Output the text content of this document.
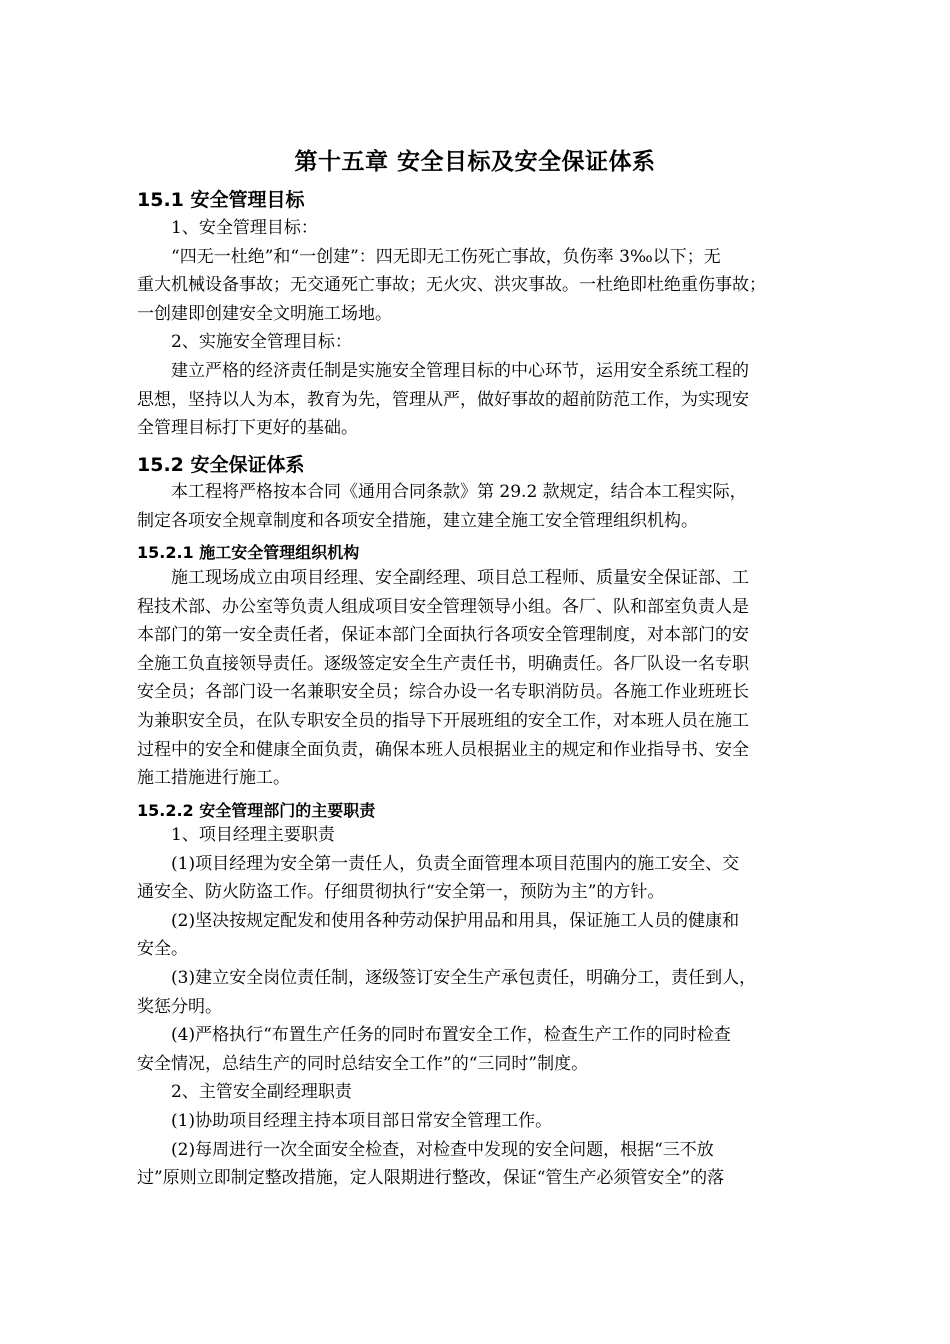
第十五章 安全目标及安全保证体系
15.1 安全管理目标
1、安全管理目标：
“四无一杜绝”和“一创建”：四无即无工伤死亡事故，负伤率 3‰以下；无
重大机械设备事故；无交通死亡事故；无火灾、洪灾事故。一杜绝即杜绝重伤事故；
一创建即创建安全文明施工场地。
2、实施安全管理目标：
建立严格的经济责任制是实施安全管理目标的中心环节，运用安全系统工程的
思想，坚持以人为本，教育为先，管理从严，做好事故的超前防范工作，为实现安
全管理目标打下更好的基础。
15.2 安全保证体系
本工程将严格按本合同《通用合同条款》第 29.2 款规定，结合本工程实际，
制定各项安全规章制度和各项安全措施，建立建全施工安全管理组织机构。
15.2.1 施工安全管理组织机构
施工现场成立由项目经理、安全副经理、项目总工程师、质量安全保证部、工
程技术部、办公室等负责人组成项目安全管理领导小组。各厂、队和部室负责人是
本部门的第一安全责任者，保证本部门全面执行各项安全管理制度，对本部门的安
全施工负直接领导责任。逐级签定安全生产责任书，明确责任。各厂队设一名专职
安全员；各部门设一名兼职安全员；综合办设一名专职消防员。各施工作业班班长
为兼职安全员，在队专职安全员的指导下开展班组的安全工作，对本班人员在施工
过程中的安全和健康全面负责，确保本班人员根据业主的规定和作业指导书、安全
施工措施进行施工。
15.2.2 安全管理部门的主要职责
1、项目经理主要职责
(1)项目经理为安全第一责任人，负责全面管理本项目范围内的施工安全、交
通安全、防火防盗工作。仔细贯彻执行“安全第一，预防为主”的方针。
(2)坚决按规定配发和使用各种劳动保护用品和用具，保证施工人员的健康和
安全。
(3)建立安全岗位责任制，逐级签订安全生产承包责任，明确分工，责任到人，
奖惩分明。
(4)严格执行“布置生产任务的同时布置安全工作，检查生产工作的同时检查
安全情况，总结生产的同时总结安全工作”的“三同时”制度。
2、主管安全副经理职责
(1)协助项目经理主持本项目部日常安全管理工作。
(2)每周进行一次全面安全检查，对检查中发现的安全问题，根据“三不放
过”原则立即制定整改措施，定人限期进行整改，保证“管生产必须管安全”的落
